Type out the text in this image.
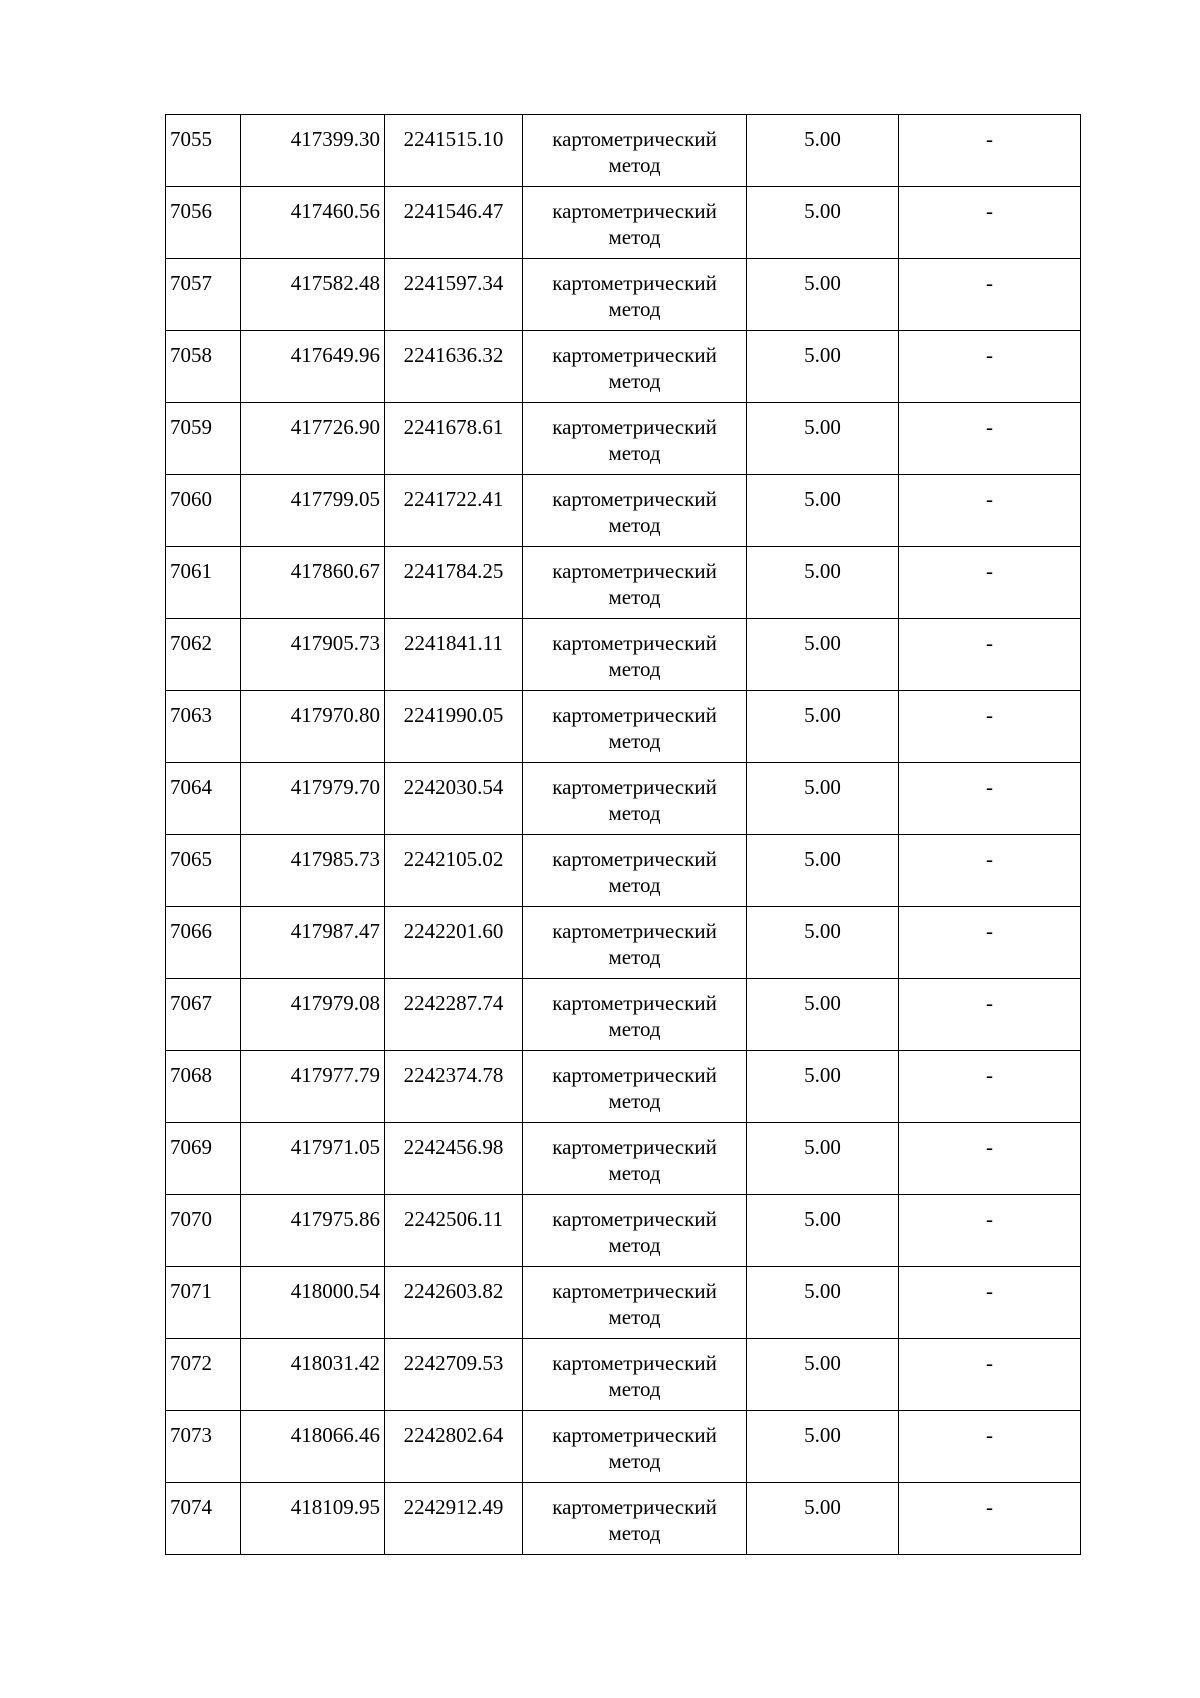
7055	417399.30	2241515.10	картометрический метод	5.00	-
7056	417460.56	2241546.47	картометрический метод	5.00	-
7057	417582.48	2241597.34	картометрический метод	5.00	-
7058	417649.96	2241636.32	картометрический метод	5.00	-
7059	417726.90	2241678.61	картометрический метод	5.00	-
7060	417799.05	2241722.41	картометрический метод	5.00	-
7061	417860.67	2241784.25	картометрический метод	5.00	-
7062	417905.73	2241841.11	картометрический метод	5.00	-
7063	417970.80	2241990.05	картометрический метод	5.00	-
7064	417979.70	2242030.54	картометрический метод	5.00	-
7065	417985.73	2242105.02	картометрический метод	5.00	-
7066	417987.47	2242201.60	картометрический метод	5.00	-
7067	417979.08	2242287.74	картометрический метод	5.00	-
7068	417977.79	2242374.78	картометрический метод	5.00	-
7069	417971.05	2242456.98	картометрический метод	5.00	-
7070	417975.86	2242506.11	картометрический метод	5.00	-
7071	418000.54	2242603.82	картометрический метод	5.00	-
7072	418031.42	2242709.53	картометрический метод	5.00	-
7073	418066.46	2242802.64	картометрический метод	5.00	-
7074	418109.95	2242912.49	картометрический метод	5.00	-
